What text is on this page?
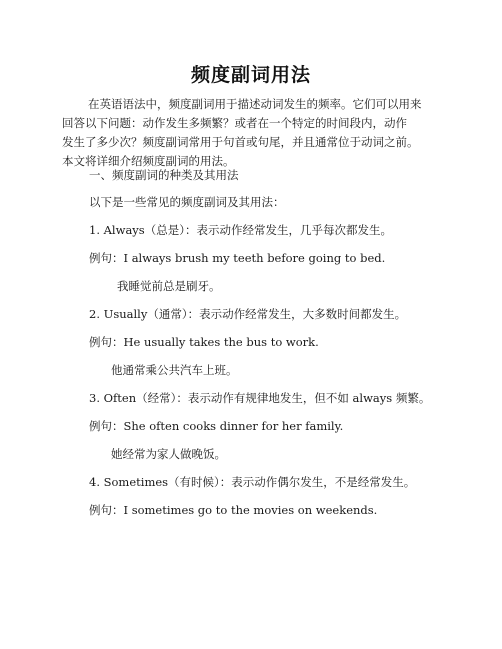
频度副词用法
在英语语法中，频度副词用于描述动词发生的频率。它们可以用来
回答以下问题：动作发生多频繁？或者在一个特定的时间段内，动作
发生了多少次？频度副词常用于句首或句尾，并且通常位于动词之前。
本文将详细介绍频度副词的用法。
一、频度副词的种类及其用法
以下是一些常见的频度副词及其用法：
1. Always（总是）：表示动作经常发生，几乎每次都发生。
例句：I always brush my teeth before going to bed.
我睡觉前总是刷牙。
2. Usually（通常）：表示动作经常发生，大多数时间都发生。
例句：He usually takes the bus to work.
他通常乘公共汽车上班。
3. Often（经常）：表示动作有规律地发生，但不如 always 频繁。
例句：She often cooks dinner for her family.
她经常为家人做晚饭。
4. Sometimes（有时候）：表示动作偶尔发生，不是经常发生。
例句：I sometimes go to the movies on weekends.
